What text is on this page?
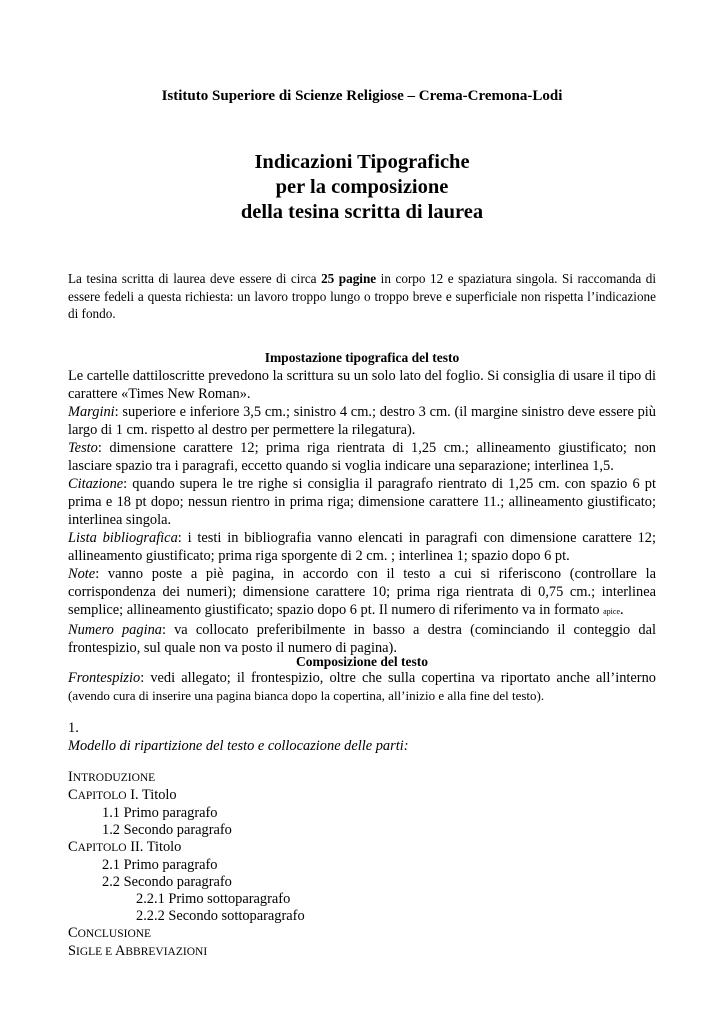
Istituto Superiore di Scienze Religiose – Crema-Cremona-Lodi
Indicazioni Tipografiche
per la composizione
della tesina scritta di laurea
La tesina scritta di laurea deve essere di circa 25 pagine in corpo 12 e spaziatura singola. Si raccomanda di essere fedeli a questa richiesta: un lavoro troppo lungo o troppo breve e superficiale non rispetta l’indicazione di fondo.
Impostazione tipografica del testo

Le cartelle dattiloscritte prevedono la scrittura su un solo lato del foglio. Si consiglia di usare il tipo di carattere «Times New Roman».

Margini: superiore e inferiore 3,5 cm.; sinistro 4 cm.; destro 3 cm. (il margine sinistro deve essere più largo di 1 cm. rispetto al destro per permettere la rilegatura).

Testo: dimensione carattere 12; prima riga rientrata di 1,25 cm.; allineamento giustificato; non lasciare spazio tra i paragrafi, eccetto quando si voglia indicare una separazione; interlinea 1,5.

Citazione: quando supera le tre righe si consiglia il paragrafo rientrato di 1,25 cm. con spazio 6 pt prima e 18 pt dopo; nessun rientro in prima riga; dimensione carattere 11.; allineamento giustificato; interlinea singola.

Lista bibliografica: i testi in bibliografia vanno elencati in paragrafi con dimensione carattere 12; allineamento giustificato; prima riga sporgente di 2 cm. ; interlinea 1; spazio dopo 6 pt.

Note: vanno poste a piè pagina, in accordo con il testo a cui si riferiscono (controllare la corrispondenza dei numeri); dimensione carattere 10; prima riga rientrata di 0,75 cm.; interlinea semplice; allineamento giustificato; spazio dopo 6 pt. Il numero di riferimento va in formato apice.

Numero pagina: va collocato preferibilmente in basso a destra (cominciando il conteggio dal frontespizio, sul quale non va posto il numero di pagina).

Composizione del testo

Frontespizio: vedi allegato; il frontespizio, oltre che sulla copertina va riportato anche all’interno (avendo cura di inserire una pagina bianca dopo la copertina, all’inizio e alla fine del testo).

1.

Modello di ripartizione del testo e collocazione delle parti:

INTRODUZIONE
CAPITOLO I. Titolo
1.1 Primo paragrafo
1.2 Secondo paragrafo
CAPITOLO II. Titolo
2.1 Primo paragrafo
2.2 Secondo paragrafo
2.2.1 Primo sottoparagrafo
2.2.2 Secondo sottoparagrafo
CONCLUSIONE
SIGLE E ABBREVIAZIONI
